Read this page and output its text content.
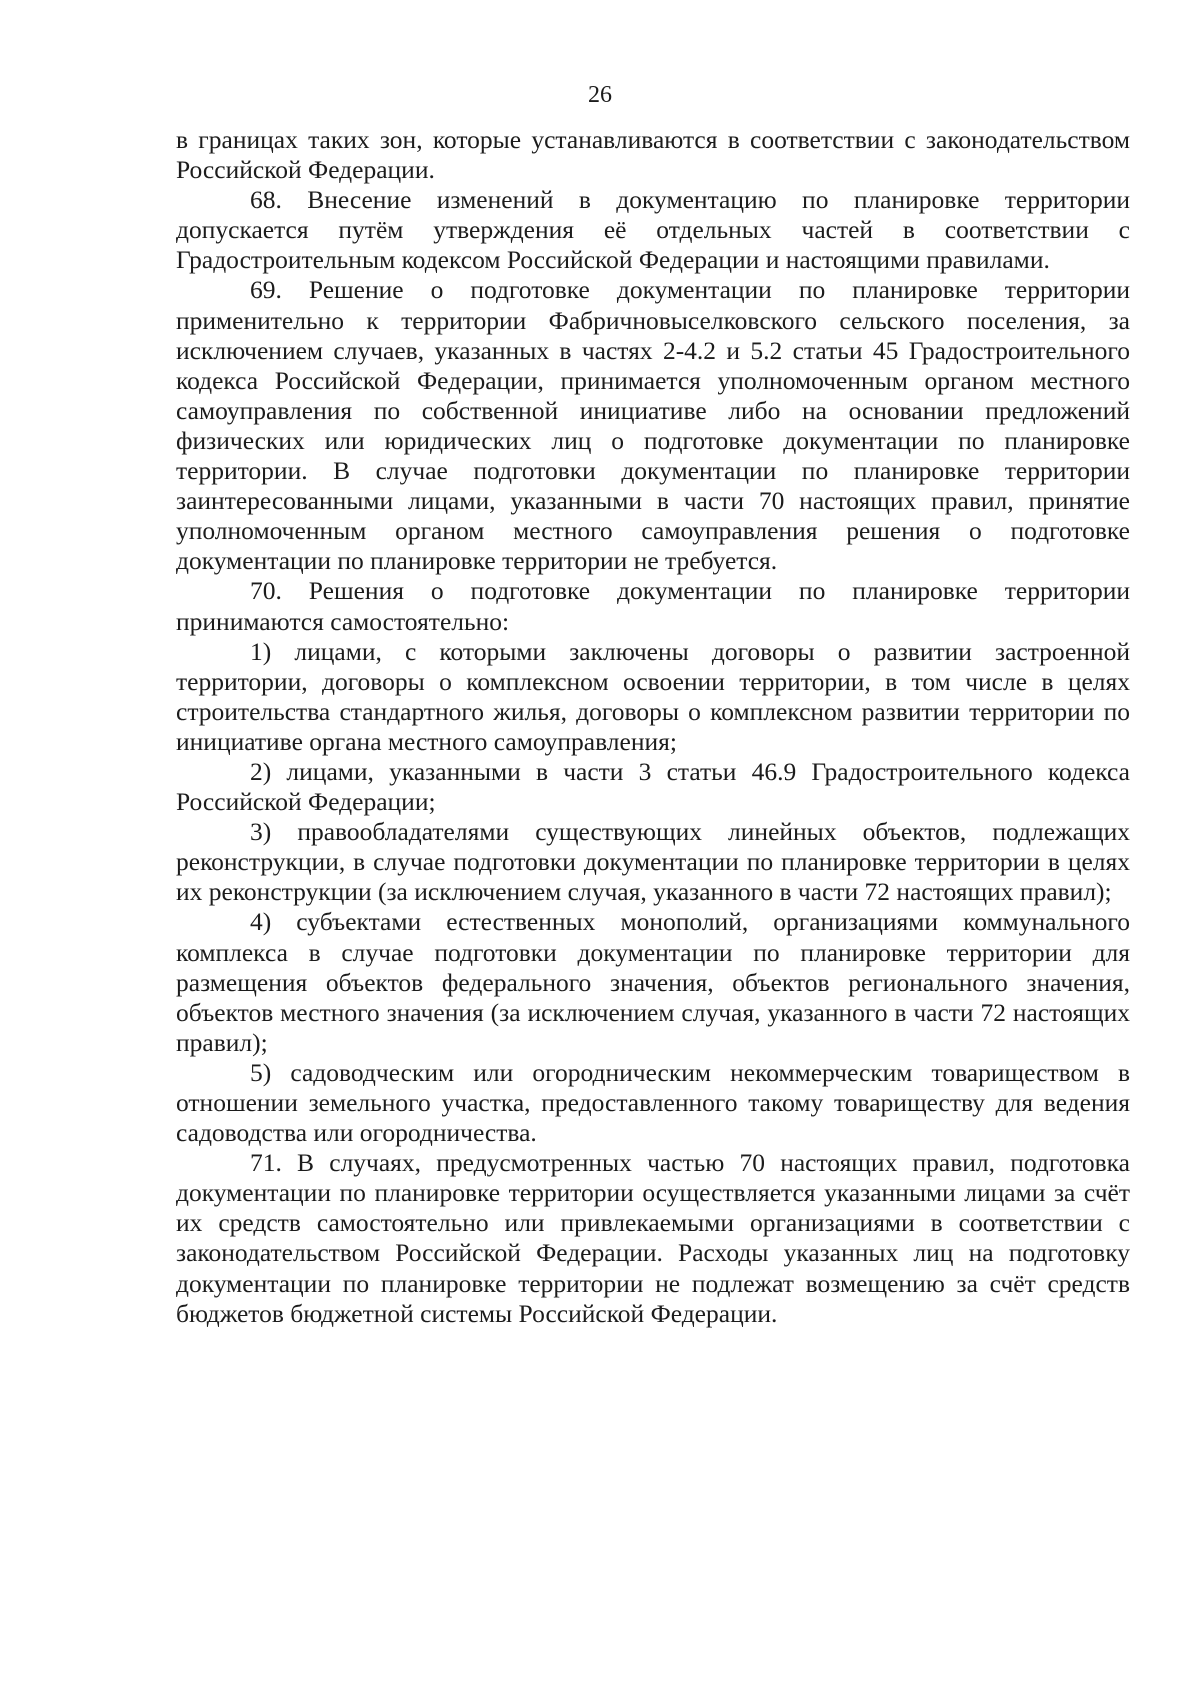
26

в границах таких зон, которые устанавливаются в соответствии с законодательством Российской Федерации.

68. Внесение изменений в документацию по планировке территории допускается путём утверждения её отдельных частей в соответствии с Градостроительным кодексом Российской Федерации и настоящими правилами.

69. Решение о подготовке документации по планировке территории применительно к территории Фабричновыселковского сельского поселения, за исключением случаев, указанных в частях 2-4.2 и 5.2 статьи 45 Градостроительного кодекса Российской Федерации, принимается уполномоченным органом местного самоуправления по собственной инициативе либо на основании предложений физических или юридических лиц о подготовке документации по планировке территории. В случае подготовки документации по планировке территории заинтересованными лицами, указанными в части 70 настоящих правил, принятие уполномоченным органом местного самоуправления решения о подготовке документации по планировке территории не требуется.

70. Решения о подготовке документации по планировке территории принимаются самостоятельно:

1) лицами, с которыми заключены договоры о развитии застроенной территории, договоры о комплексном освоении территории, в том числе в целях строительства стандартного жилья, договоры о комплексном развитии территории по инициативе органа местного самоуправления;

2) лицами, указанными в части 3 статьи 46.9 Градостроительного кодекса Российской Федерации;

3) правообладателями существующих линейных объектов, подлежащих реконструкции, в случае подготовки документации по планировке территории в целях их реконструкции (за исключением случая, указанного в части 72 настоящих правил);

4) субъектами естественных монополий, организациями коммунального комплекса в случае подготовки документации по планировке территории для размещения объектов федерального значения, объектов регионального значения, объектов местного значения (за исключением случая, указанного в части 72 настоящих правил);

5) садоводческим или огородническим некоммерческим товариществом в отношении земельного участка, предоставленного такому товариществу для ведения садоводства или огородничества.

71. В случаях, предусмотренных частью 70 настоящих правил, подготовка документации по планировке территории осуществляется указанными лицами за счёт их средств самостоятельно или привлекаемыми организациями в соответствии с законодательством Российской Федерации. Расходы указанных лиц на подготовку документации по планировке территории не подлежат возмещению за счёт средств бюджетов бюджетной системы Российской Федерации.
